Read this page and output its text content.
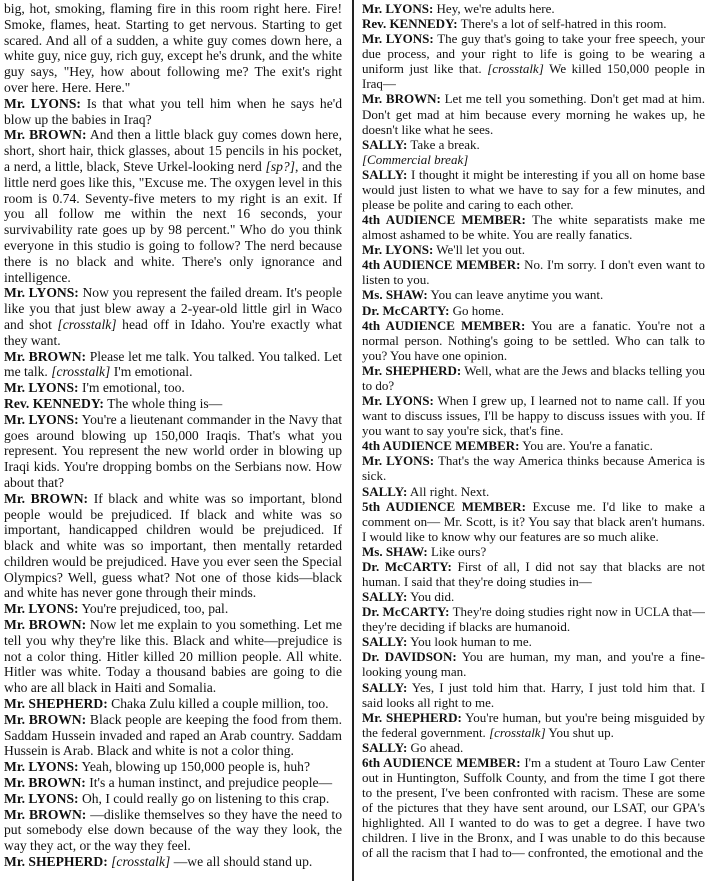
big, hot, smoking, flaming fire in this room right here. Fire! Smoke, flames, heat. Starting to get nervous. Starting to get scared. And all of a sudden, a white guy comes down here, a white guy, nice guy, rich guy, except he's drunk, and the white guy says, "Hey, how about following me? The exit's right over here. Here. Here."

Mr. LYONS: Is that what you tell him when he says he'd blow up the babies in Iraq?

Mr. BROWN: And then a little black guy comes down here, short, short hair, thick glasses, about 15 pencils in his pocket, a nerd, a little, black, Steve Urkel-looking nerd [sp?], and the little nerd goes like this, "Excuse me. The oxygen level in this room is 0.74. Seventy-five meters to my right is an exit. If you all follow me within the next 16 seconds, your survivability rate goes up by 98 percent." Who do you think everyone in this studio is going to follow? The nerd because there is no black and white. There's only ignorance and intelligence.

Mr. LYONS: Now you represent the failed dream. It's people like you that just blew away a 2-year-old little girl in Waco and shot [crosstalk] head off in Idaho. You're exactly what they want.

Mr. BROWN: Please let me talk. You talked. You talked. Let me talk. [crosstalk] I'm emotional.

Mr. LYONS: I'm emotional, too.

Rev. KENNEDY: The whole thing is—

Mr. LYONS: You're a lieutenant commander in the Navy that goes around blowing up 150,000 Iraqis. That's what you represent. You represent the new world order in blowing up Iraqi kids. You're dropping bombs on the Serbians now. How about that?

Mr. BROWN: If black and white was so important, blond people would be prejudiced. If black and white was so important, handicapped children would be prejudiced. If black and white was so important, then mentally retarded children would be prejudiced. Have you ever seen the Special Olympics? Well, guess what? Not one of those kids—black and white has never gone through their minds.

Mr. LYONS: You're prejudiced, too, pal.

Mr. BROWN: Now let me explain to you something. Let me tell you why they're like this. Black and white—prejudice is not a color thing. Hitler killed 20 million people. All white. Hitler was white. Today a thousand babies are going to die who are all black in Haiti and Somalia.

Mr. SHEPHERD: Chaka Zulu killed a couple million, too.

Mr. BROWN: Black people are keeping the food from them. Saddam Hussein invaded and raped an Arab country. Saddam Hussein is Arab. Black and white is not a color thing.

Mr. LYONS: Yeah, blowing up 150,000 people is, huh?

Mr. BROWN: It's a human instinct, and prejudice people—

Mr. LYONS: Oh, I could really go on listening to this crap.

Mr. BROWN: —dislike themselves so they have the need to put somebody else down because of the way they look, the way they act, or the way they feel.

Mr. SHEPHERD: [crosstalk] —we all should stand up.

Mr. LYONS: Hey, we're adults here.

Rev. KENNEDY: There's a lot of self-hatred in this room.

Mr. LYONS: The guy that's going to take your free speech, your due process, and your right to life is going to be wearing a uniform just like that. [crosstalk] We killed 150,000 people in Iraq—

Mr. BROWN: Let me tell you something. Don't get mad at him. Don't get mad at him because every morning he wakes up, he doesn't like what he sees.

SALLY: Take a break.

[Commercial break]

SALLY: I thought it might be interesting if you all on home base would just listen to what we have to say for a few minutes, and please be polite and caring to each other.

4th AUDIENCE MEMBER: The white separatists make me almost ashamed to be white. You are really fanatics.

Mr. LYONS: We'll let you out.

4th AUDIENCE MEMBER: No. I'm sorry. I don't even want to listen to you.

Ms. SHAW: You can leave anytime you want.

Dr. McCARTY: Go home.

4th AUDIENCE MEMBER: You are a fanatic. You're not a normal person. Nothing's going to be settled. Who can talk to you? You have one opinion.

Mr. SHEPHERD: Well, what are the Jews and blacks telling you to do?

Mr. LYONS: When I grew up, I learned not to name call. If you want to discuss issues, I'll be happy to discuss issues with you. If you want to say you're sick, that's fine.

4th AUDIENCE MEMBER: You are. You're a fanatic.

Mr. LYONS: That's the way America thinks because America is sick.

SALLY: All right. Next.

5th AUDIENCE MEMBER: Excuse me. I'd like to make a comment on— Mr. Scott, is it? You say that black aren't humans. I would like to know why our features are so much alike.

Ms. SHAW: Like ours?

Dr. McCARTY: First of all, I did not say that blacks are not human. I said that they're doing studies in—

SALLY: You did.

Dr. McCARTY: They're doing studies right now in UCLA that— they're deciding if blacks are humanoid.

SALLY: You look human to me.

Dr. DAVIDSON: You are human, my man, and you're a fine-looking young man.

SALLY: Yes, I just told him that. Harry, I just told him that. I said looks all right to me.

Mr. SHEPHERD: You're human, but you're being misguided by the federal government. [crosstalk] You shut up.

SALLY: Go ahead.

6th AUDIENCE MEMBER: I'm a student at Touro Law Center out in Huntington, Suffolk County, and from the time I got there to the present, I've been confronted with racism. These are some of the pictures that they have sent around, our LSAT, our GPA's highlighted. All I wanted to do was to get a degree. I have two children. I live in the Bronx, and I was unable to do this because of all the racism that I had to— confronted, the emotional and the
